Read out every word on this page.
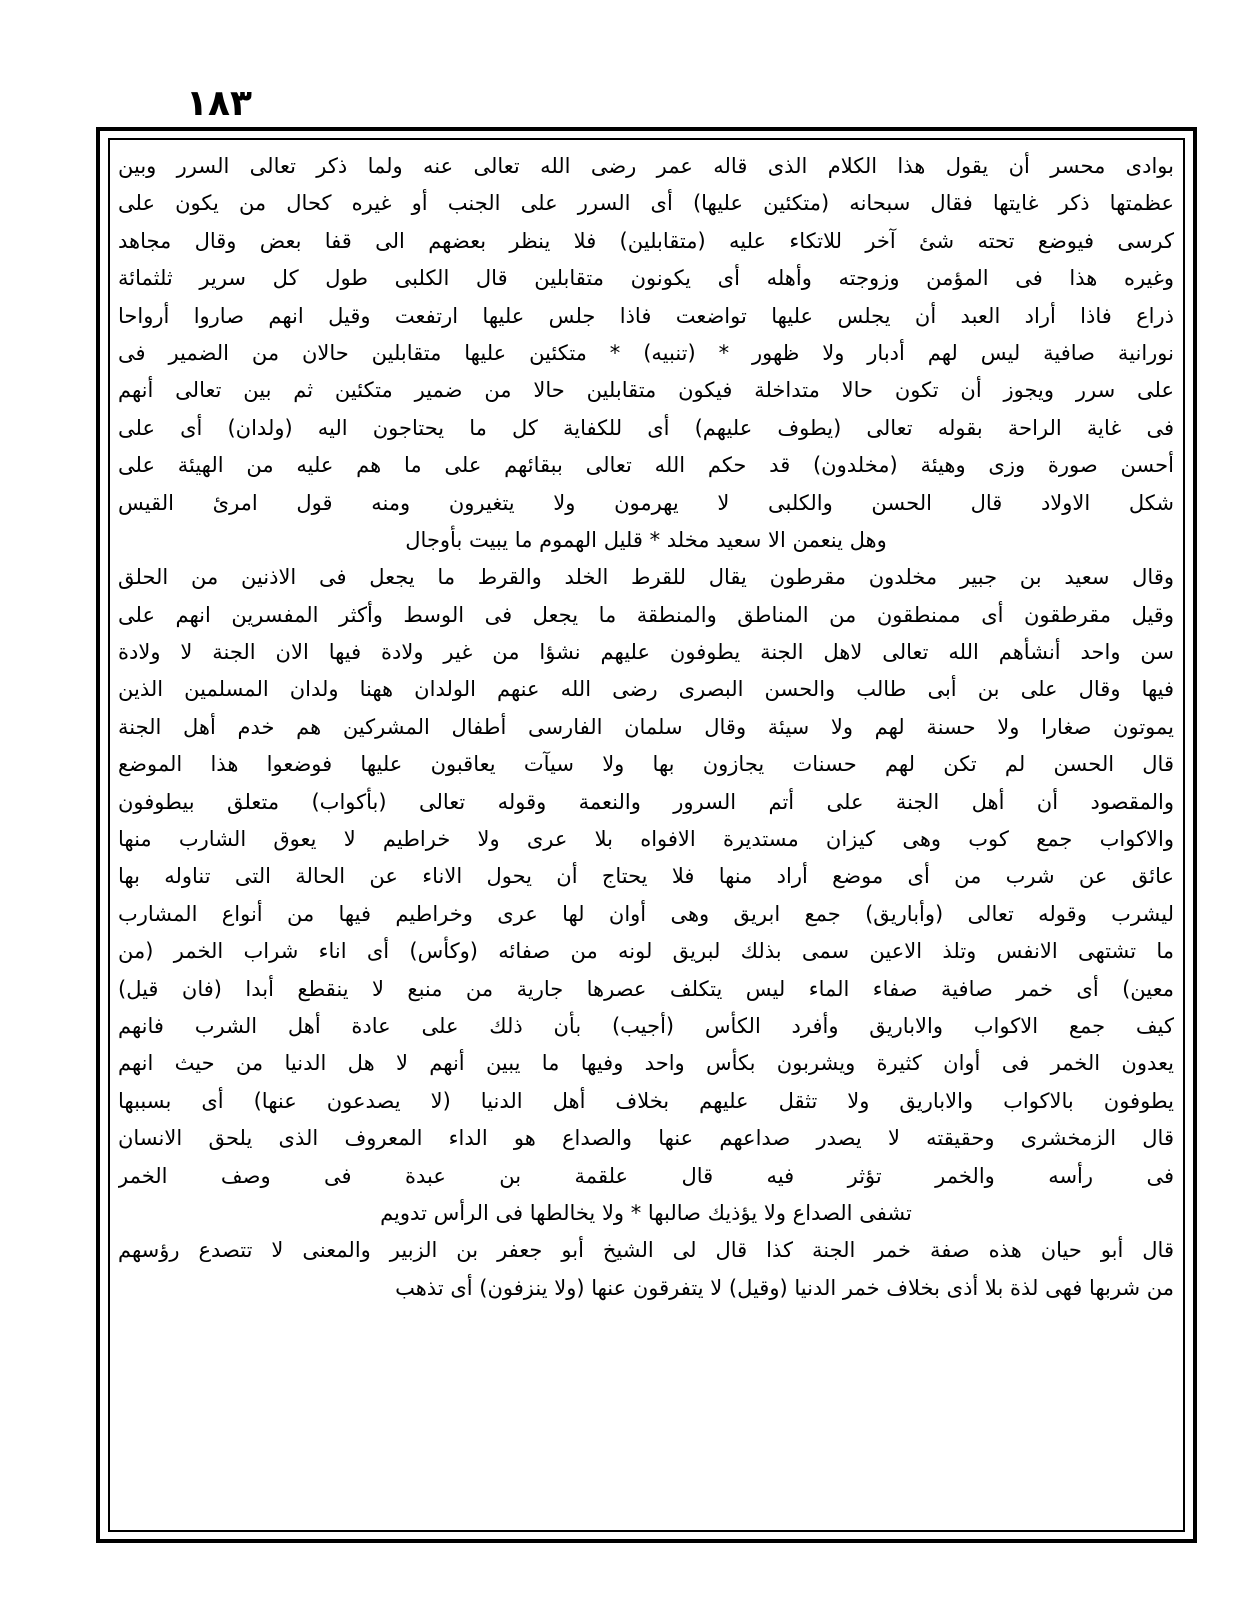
١٨٣
بوادى محسر أن يقول هذا الكلام الذى قاله عمر رضى الله تعالى عنه ولما ذكر تعالى السرر وبين
عظمتها ذكر غايتها فقال سبحانه (متكئين عليها) أى السرر على الجنب أو غيره كحال من يكون على
كرسى فيوضع تحته شئ آخر للاتكاء عليه (متقابلين) فلا ينظر بعضهم الى قفا بعض وقال مجاهد
وغيره هذا فى المؤمن وزوجته وأهله أى يكونون متقابلين قال الكلبى طول كل سرير ثلثمائة
ذراع فاذا أراد العبد أن يجلس عليها تواضعت فاذا جلس عليها ارتفعت وقيل انهم صاروا أرواحا
نورانية صافية ليس لهم أدبار ولا ظهور * (تنبيه) * متكئين عليها متقابلين حالان من الضمير فى
على سرر ويجوز أن تكون حالا متداخلة فيكون متقابلين حالا من ضمير متكئين ثم بين تعالى أنهم
فى غاية الراحة بقوله تعالى (يطوف عليهم) أى للكفاية كل ما يحتاجون اليه (ولدان) أى على
أحسن صورة وزى وهيئة (مخلدون) قد حكم الله تعالى ببقائهم على ما هم عليه من الهيئة على
شكل الاولاد قال الحسن والكلبى لا يهرمون ولا يتغيرون ومنه قول امرئ القيس
وهل ينعمن الا سعيد مخلد * قليل الهموم ما يبيت بأوجال
وقال سعيد بن جبير مخلدون مقرطون يقال للقرط الخلد والقرط ما يجعل فى الاذنين من الحلق
وقيل مقرطقون أى ممنطقون من المناطق والمنطقة ما يجعل فى الوسط وأكثر المفسرين انهم على
سن واحد أنشأهم الله تعالى لاهل الجنة يطوفون عليهم نشؤا من غير ولادة فيها الان الجنة لا ولادة
فيها وقال على بن أبى طالب والحسن البصرى رضى الله عنهم الولدان ههنا ولدان المسلمين الذين
يموتون صغارا ولا حسنة لهم ولا سيئة وقال سلمان الفارسى أطفال المشركين هم خدم أهل الجنة
قال الحسن لم تكن لهم حسنات يجازون بها ولا سيآت يعاقبون عليها فوضعوا هذا الموضع
والمقصود أن أهل الجنة على أتم السرور والنعمة وقوله تعالى (بأكواب) متعلق بيطوفون
والاكواب جمع كوب وهى كيزان مستديرة الافواه بلا عرى ولا خراطيم لا يعوق الشارب منها
عائق عن شرب من أى موضع أراد منها فلا يحتاج أن يحول الاناء عن الحالة التى تناوله بها
ليشرب وقوله تعالى (وأباريق) جمع ابريق وهى أوان لها عرى وخراطيم فيها من أنواع المشارب
ما تشتهى الانفس وتلذ الاعين سمى بذلك لبريق لونه من صفائه (وكأس) أى اناء شراب الخمر (من
معين) أى خمر صافية صفاء الماء ليس يتكلف عصرها جارية من منبع لا ينقطع أبدا (فان قيل)
كيف جمع الاكواب والاباريق وأفرد الكأس (أجيب) بأن ذلك على عادة أهل الشرب فانهم
يعدون الخمر فى أوان كثيرة ويشربون بكأس واحد وفيها ما يبين أنهم لا هل الدنيا من حيث انهم
يطوفون بالاكواب والاباريق ولا تثقل عليهم بخلاف أهل الدنيا (لا يصدعون عنها) أى بسببها
قال الزمخشرى وحقيقته لا يصدر صداعهم عنها والصداع هو الداء المعروف الذى يلحق الانسان
فى رأسه والخمر تؤثر فيه قال علقمة بن عبدة فى وصف الخمر
تشفى الصداع ولا يؤذيك صالبها * ولا يخالطها فى الرأس تدويم
قال أبو حيان هذه صفة خمر الجنة كذا قال لى الشيخ أبو جعفر بن الزبير والمعنى لا تتصدع رؤسهم
من شربها فهى لذة بلا أذى بخلاف خمر الدنيا (وقيل) لا يتفرقون عنها (ولا ينزفون) أى تذهب
